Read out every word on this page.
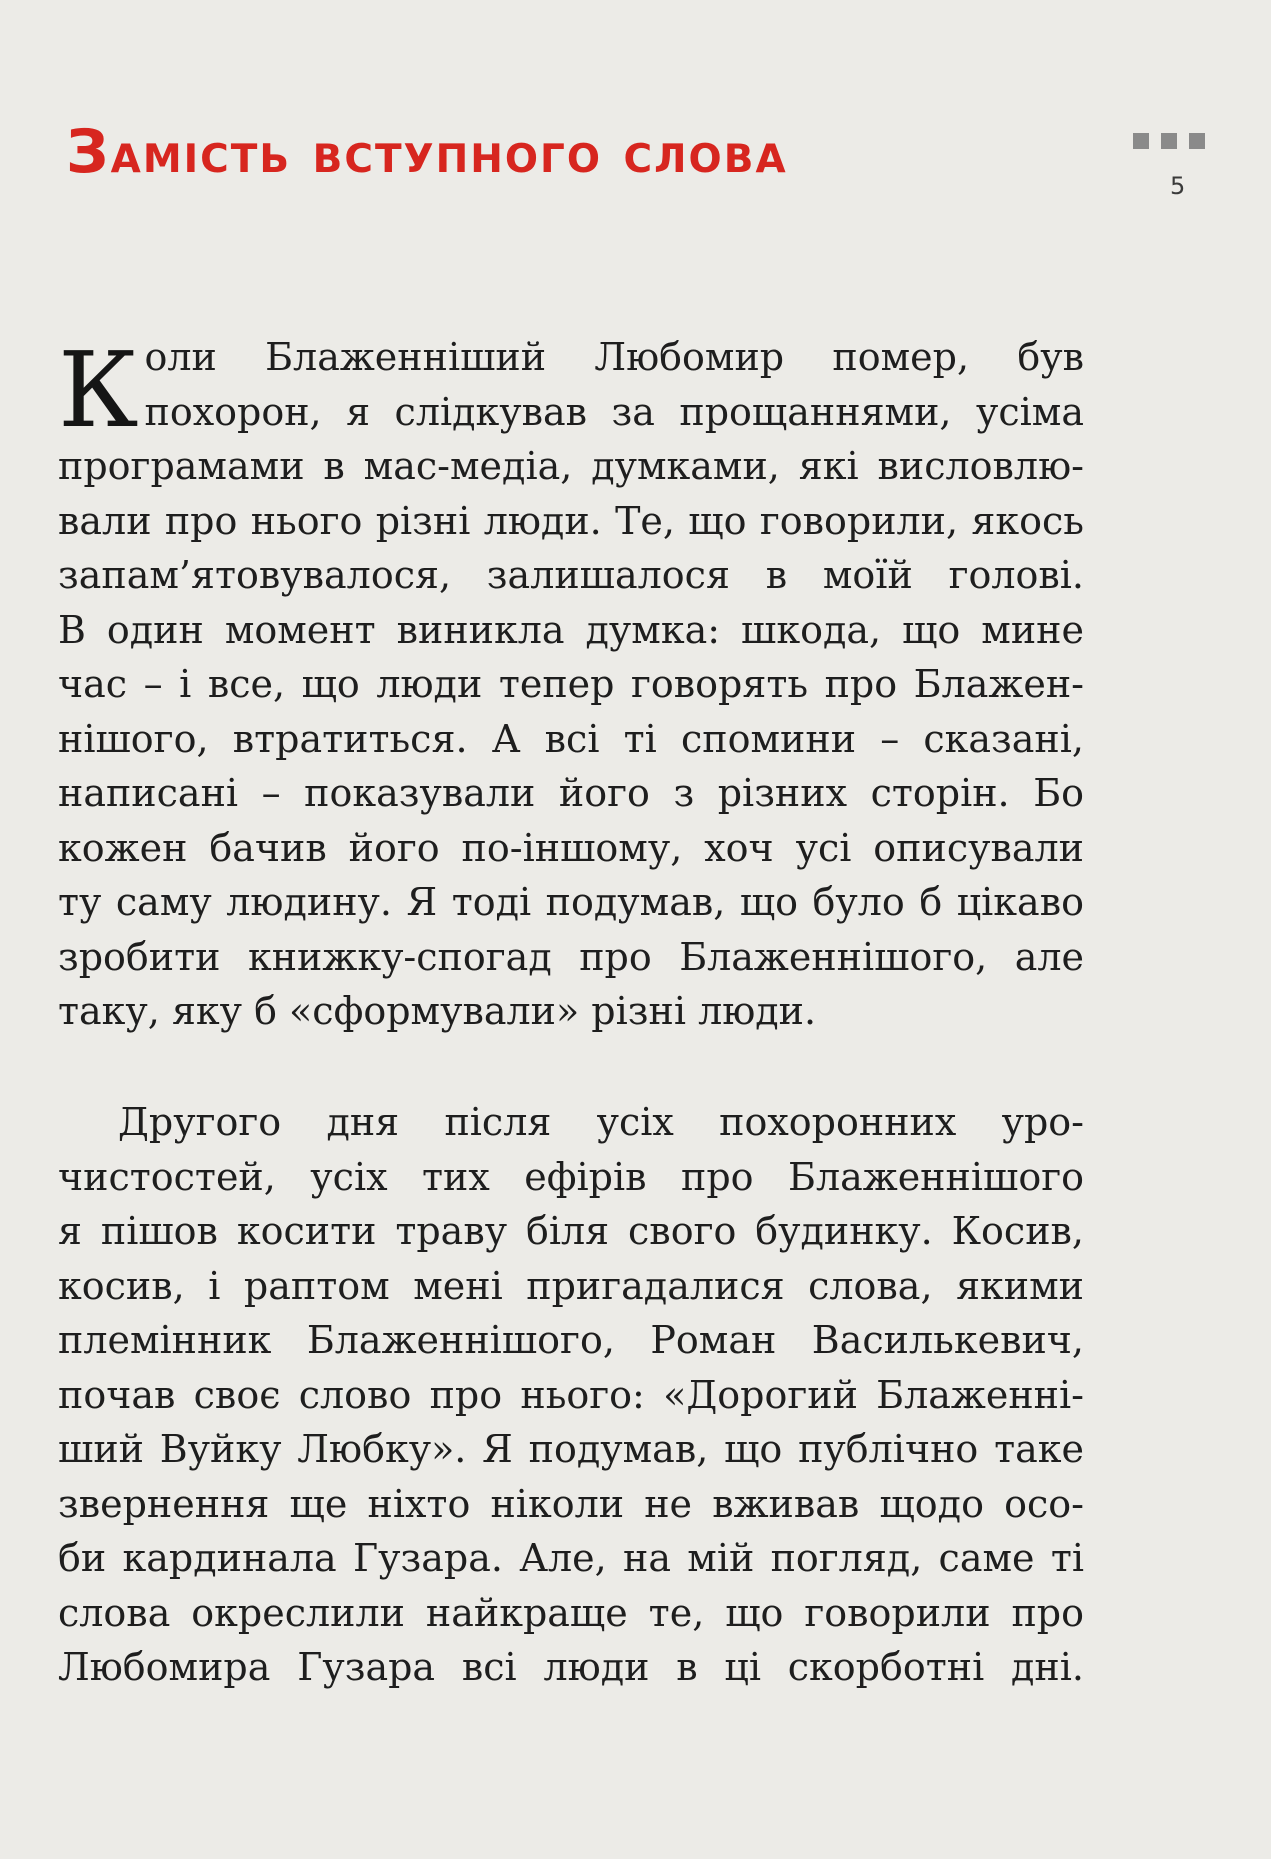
Замість вступного слова	5
К оли Блаженніший Любомир помер, був
похорон, я слідкував за прощаннями, усіма
програмами в мас-медіа, думками, які висловлю-
вали про нього різні люди. Те, що говорили, якось
запам’ятовувалося, залишалося в моїй голові.
В один момент виникла думка: шкода, що мине
час – і все, що люди тепер говорять про Блажен-
нішого, втратиться. А всі ті спомини – сказані,
написані – показували його з різних сторін. Бо
кожен бачив його по-іншому, хоч усі описували
ту саму людину. Я тоді подумав, що було б цікаво
зробити книжку-спогад про Блаженнішого, але
таку, яку б «сформували» різні люди.
Другого дня після усіх похоронних уро-
чистостей, усіх тих ефірів про Блаженнішого
я пішов косити траву біля свого будинку. Косив,
косив, і раптом мені пригадалися слова, якими
племінник Блаженнішого, Роман Василькевич,
почав своє слово про нього: «Дорогий Блаженні-
ший Вуйку Любку». Я подумав, що публічно таке
звернення ще ніхто ніколи не вживав щодо осо-
би кардинала Гузара. Але, на мій погляд, саме ті
слова окреслили найкраще те, що говорили про
Любомира Гузара всі люди в ці скорботні дні.
